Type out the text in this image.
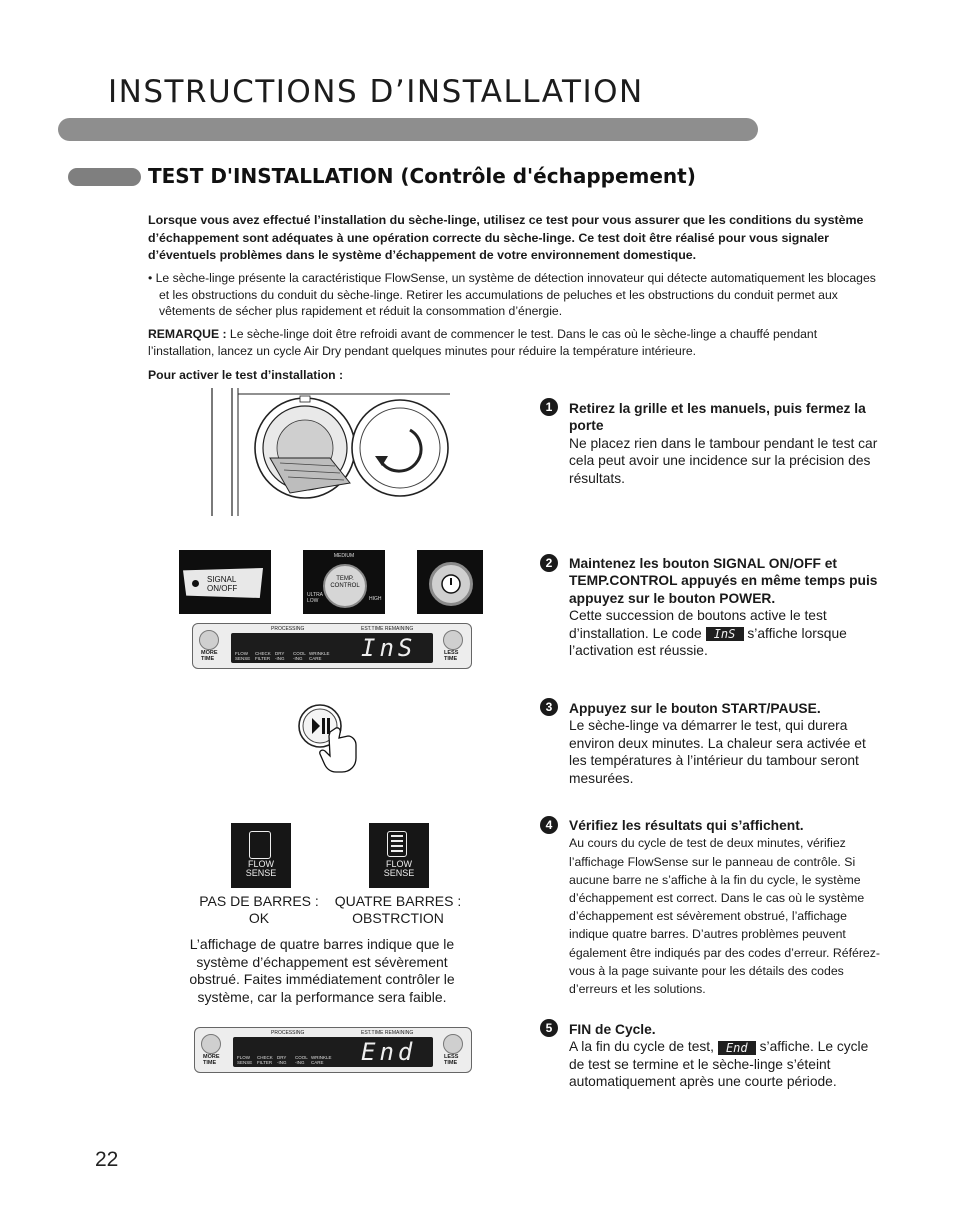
INSTRUCTIONS D’INSTALLATION
TEST D'INSTALLATION (Contrôle d'échappement)

Lorsque vous avez effectué l’installation du sèche-linge, utilisez ce test pour vous assurer que les conditions du système d’échappement sont adéquates à une opération correcte du sèche-linge. Ce test doit être réalisé pour vous signaler d’éventuels problèmes dans le système d’échappement de votre environnement domestique.

• Le sèche-linge présente la caractéristique FlowSense, un système de détection innovateur qui détecte automatiquement les blocages et les obstructions du conduit du sèche-linge. Retirer les accumulations de peluches et les obstructions du conduit permet aux vêtements de sécher plus rapidement et réduit la consommation d’énergie.

REMARQUE : Le sèche-linge doit être refroidi avant de commencer le test. Dans le cas où le sèche-linge a chauffé pendant l’installation, lancez un cycle Air Dry pendant quelques minutes pour réduire la température intérieure.

Pour activer le test d’installation :

SIGNAL
ON/OFF
MEDIUM
TEMP.
CONTROL
ULTRA
LOW	HIGH
MORE
TIME
PROCESSING	EST.TIME REMAINING
FLOW
SENSE
CHECK
FILTER
DRY
-ING
COOL
-ING
WRINKLE
CARE	InS	LESS
TIME
FLOW
SENSE
FLOW
SENSE

PAS DE BARRES :
OK

QUATRE BARRES :
OBSTRCTION

L’affichage de quatre barres indique que le système d’échappement est sévèrement obstrué. Faites immédiatement contrôler le système, car la performance sera faible.

MORE
TIME
PROCESSING	EST.TIME REMAINING
FLOW
SENSE
CHECK
FILTER
DRY
-ING
COOL
-ING
WRINKLE
CARE	End	LESS
TIME
1	Retirez la grille et les manuels, puis fermez la porte
Ne placez rien dans le tambour pendant le test car cela peut avoir une incidence sur la précision des résultats.

2	Maintenez les bouton SIGNAL ON/OFF et TEMP.CONTROL appuyés en même temps puis appuyez sur le bouton POWER.
Cette succession de boutons active le test d’installation. Le code InS s’affiche lorsque l’activation est réussie.

3	Appuyez sur le bouton START/PAUSE.
Le sèche-linge va démarrer le test, qui durera environ deux minutes. La chaleur sera activée et les températures à l’intérieur du tambour seront mesurées.

4	Vérifiez les résultats qui s’affichent.
Au cours du cycle de test de deux minutes, vérifiez l’affichage FlowSense sur le panneau de contrôle. Si aucune barre ne s’affiche à la fin du cycle, le système d’échappement est correct. Dans le cas où le système d’échappement est sévèrement obstrué, l’affichage indique quatre barres. D’autres problèmes peuvent également être indiqués par des codes d’erreur. Référez-vous à la page suivante pour les détails des codes d’erreurs et les solutions.

5	FIN de Cycle.
A la fin du cycle de test, End s’affiche. Le cycle de test se termine et le sèche-linge s’éteint automatiquement après une courte période.

22
